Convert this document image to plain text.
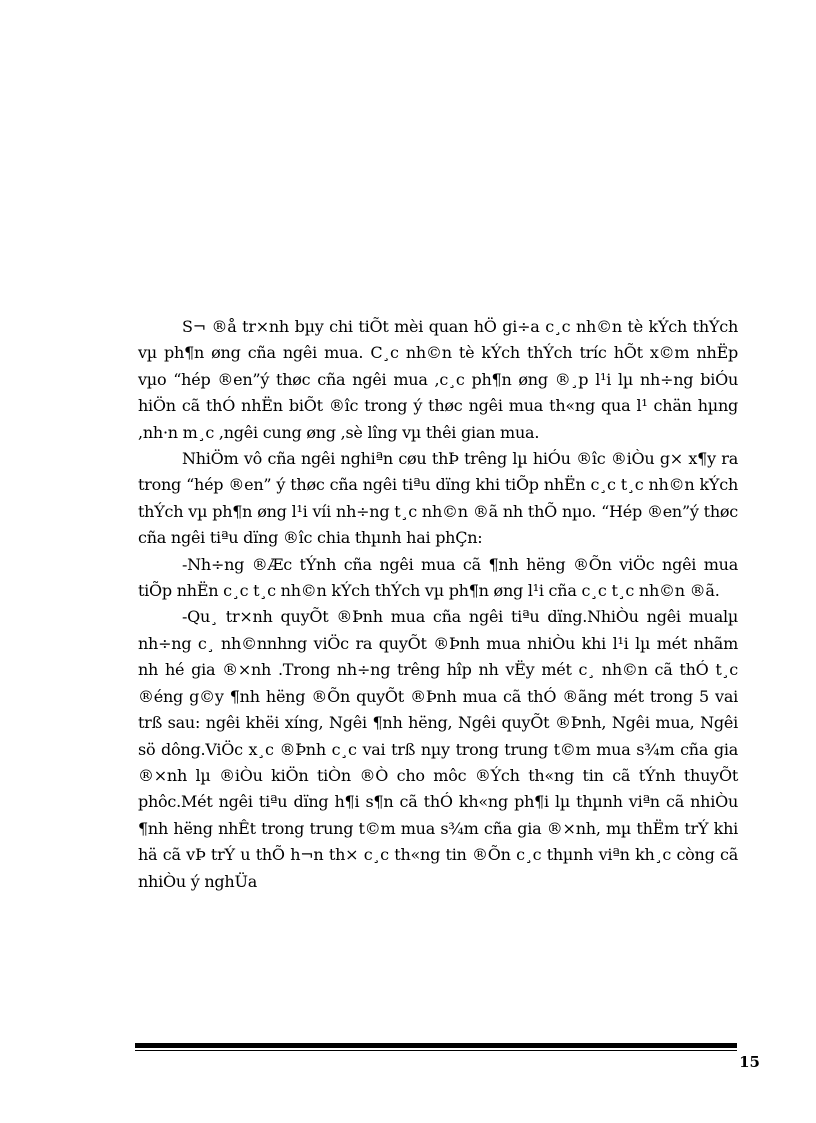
S¬ ®å tr×nh bµy chi tiÕt mèi quan hÖ gi÷a c¸c nh©n tè kÝch thÝch vµ ph¶n øng cña ngêi mua. C¸c nh©n tè kÝch thÝch tríc hÕt x©m nhËp vµo “hép ®en”ý thøc cña ngêi mua ,c¸c ph¶n øng ®¸p l¹i lµ nh÷ng biÓu hiÖn cã thÓ nhËn biÕt ®îc trong ý thøc ngêi mua th«ng qua l¹ chän hµng ,nh·n m¸c ,ngêi cung øng ,sè lîng vµ thêi gian mua.

NhiÖm vô cña ngêi nghiªn cøu thÞ trêng lµ hiÓu ®îc ®iÒu g× x¶y ra trong “hép ®en” ý thøc cña ngêi tiªu dïng khi tiÕp nhËn c¸c t¸c nh©n kÝch thÝch vµ ph¶n øng l¹i víi nh÷ng t¸c nh©n ®ã nh thÕ nµo. “Hép ®en”ý thøc cña ngêi tiªu dïng ®îc chia thµnh hai phÇn:

-Nh÷ng ®Æc tÝnh cña ngêi mua cã ¶nh hëng ®Õn viÖc ngêi mua tiÕp nhËn c¸c t¸c nh©n kÝch thÝch vµ ph¶n øng l¹i cña c¸c t¸c nh©n ®ã.

-Qu¸ tr×nh quyÕt ®Þnh mua cña ngêi tiªu dïng.NhiÒu ngêi mualµ nh÷ng c¸ nh©nnhng viÖc ra quyÕt ®Þnh mua nhiÒu khi l¹i lµ mét nhãm nh hé gia ®×nh .Trong nh÷ng trêng hîp nh vËy mét c¸ nh©n cã thÓ t¸c ®éng g©y ¶nh hëng ®Õn quyÕt ®Þnh mua cã thÓ ®ãng mét trong 5 vai trß sau: ngêi khëi xíng, Ngêi ¶nh hëng, Ngêi quyÕt ®Þnh, Ngêi mua, Ngêi sö dông.ViÖc x¸c ®Þnh c¸c vai trß nµy trong trung t©m mua s¾m cña gia ®×nh lµ ®iÒu kiÖn tiÒn ®Ò cho môc ®Ých th«ng tin cã tÝnh thuyÕt phôc.Mét ngêi tiªu dïng h¶i s¶n cã thÓ kh«ng ph¶i lµ thµnh viªn cã nhiÒu ¶nh hëng nhÊt trong trung t©m mua s¾m cña gia ®×nh, mµ thËm trÝ khi hä cã vÞ trÝ u thÕ h¬n th× c¸c th«ng tin ®Õn c¸c thµnh viªn kh¸c còng cã nhiÒu ý nghÜa

15
